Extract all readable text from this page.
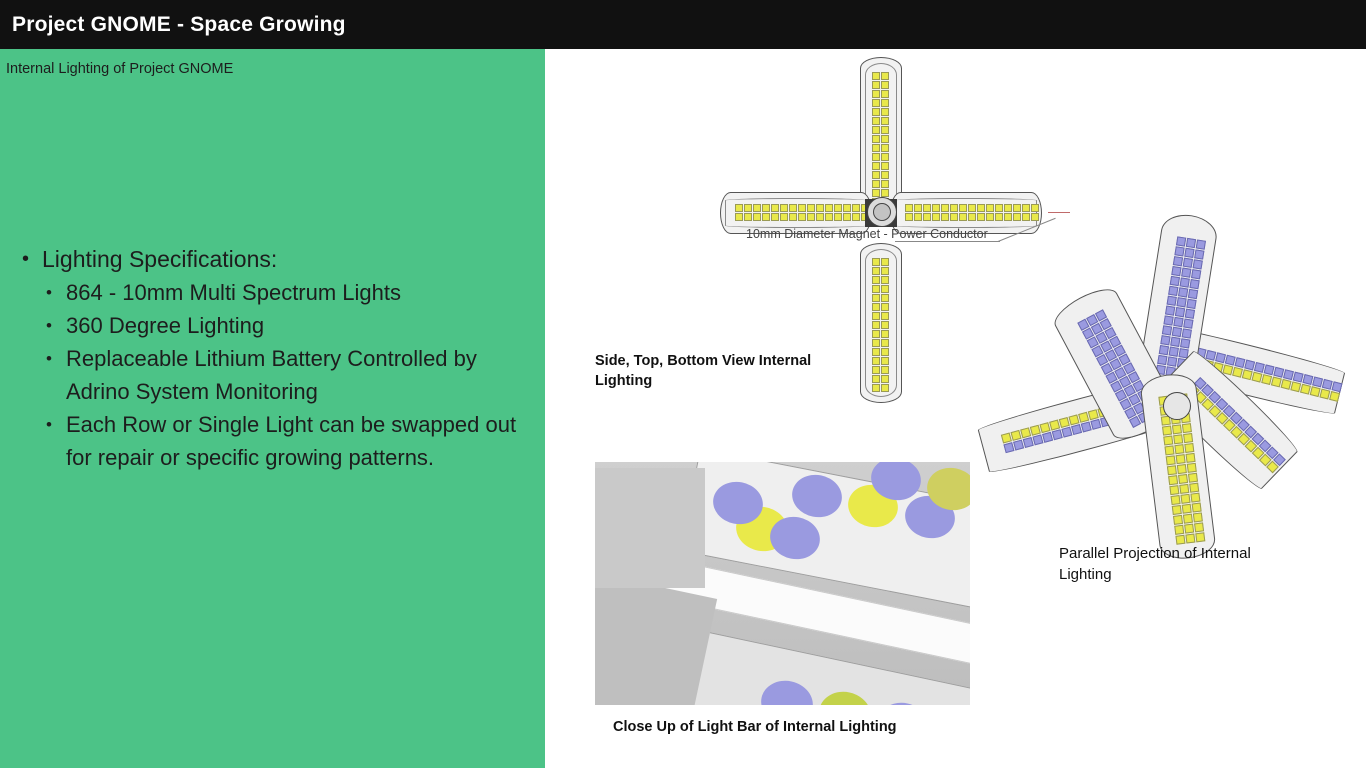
Project GNOME - Space Growing
Internal Lighting of Project GNOME
• Lighting Specifications:
• 864 - 10mm Multi Spectrum Lights
• 360 Degree Lighting
• Replaceable Lithium Battery Controlled by Adrino System Monitoring
• Each Row or Single Light can be swapped out for repair or specific growing patterns.
10mm Diameter Magnet - Power Conductor
Side, Top, Bottom View Internal Lighting
Close Up of Light Bar of Internal Lighting
Parallel Projection of Internal Lighting
